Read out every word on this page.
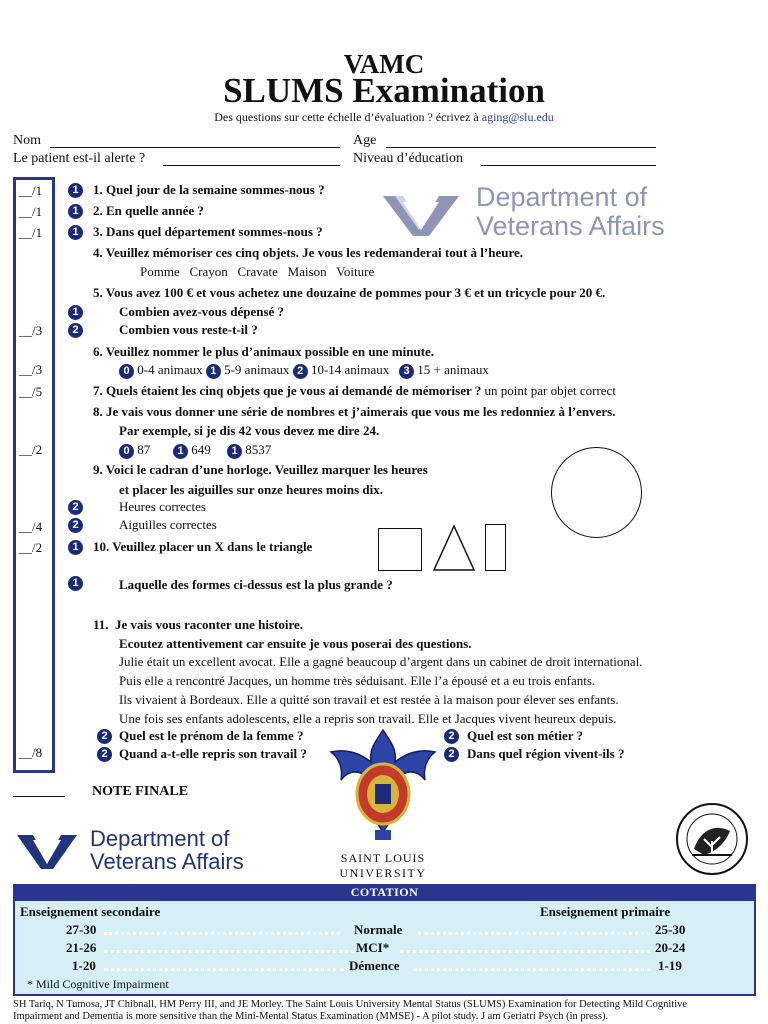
VAMC
SLUMS Examination
Des questions sur cette échelle d’évaluation ? écrivez à aging@slu.edu
Nom	Age
Le patient est-il alerte ?	Niveau d’éducation
__/1
__/1
__/1
__/3
__/3
__/5
__/2
__/4
__/2
__/8
Department of
Veterans Affairs
1	1. Quel jour de la semaine sommes-nous ?
1	2. En quelle année ?
1	3. Dans quel département sommes-nous ?
4. Veuillez mémoriser ces cinq objets. Je vous les redemanderai tout à l’heure.
Pomme   Crayon   Cravate   Maison   Voiture
5. Vous avez 100 € et vous achetez une douzaine de pommes pour 3 € et un tricycle pour 20 €.
1	Combien avez-vous dépensé ?
2	Combien vous reste-t-il ?
6. Veuillez nommer le plus d’animaux possible en une minute.
0 0-4 animaux 1 5-9 animaux 2 10-14 animaux 3 15 + animaux
7. Quels étaient les cinq objets que je vous ai demandé de mémoriser ? un point par objet correct
8. Je vais vous donner une série de nombres et j’aimerais que vous me les redonniez à l’envers.
Par exemple, si je dis 42 vous devez me dire 24.
0 87 1 649 1 8537
9. Voici le cadran d’une horloge. Veuillez marquer les heures
et placer les aiguilles sur onze heures moins dix.
2	Heures correctes
2	Aiguilles correctes
1	10. Veuillez placer un X dans le triangle
1	Laquelle des formes ci-dessus est la plus grande ?
11.  Je vais vous raconter une histoire.
Ecoutez attentivement car ensuite je vous poserai des questions.
Julie était un excellent avocat. Elle a gagné beaucoup d’argent dans un cabinet de droit international.
Puis elle a rencontré Jacques, un homme très séduisant. Elle l’a épousé et a eu trois enfants.
Ils vivaient à Bordeaux. Elle a quitté son travail et est restée à la maison pour élever ses enfants.
Une fois ses enfants adolescents, elle a repris son travail. Elle et Jacques vivent heureux depuis.
2 Quel est le prénom de la femme ?	2 Quel est son métier ?
2 Quand a-t-elle repris son travail ?	2 Dans quel région vivent-ils ?
SAINT LOUIS
UNIVERSITY
NOTE FINALE
Department of
Veterans Affairs
COTATION
Enseignement secondaire	Enseignement primaire
27-30	Normale	25-30
21-26	MCI*	20-24
1-20	Démence	1-19
* Mild Cognitive Impairment
SH Tariq, N Tumosa, JT Chibnall, HM Perry III, and JE Morley. The Saint Louis University Mental Status (SLUMS) Examination for Detecting Mild Cognitive
Impairment and Dementia is more sensitive than the Mini-Mental Status Examination (MMSE) - A pilot study. J am Geriatri Psych (in press).
